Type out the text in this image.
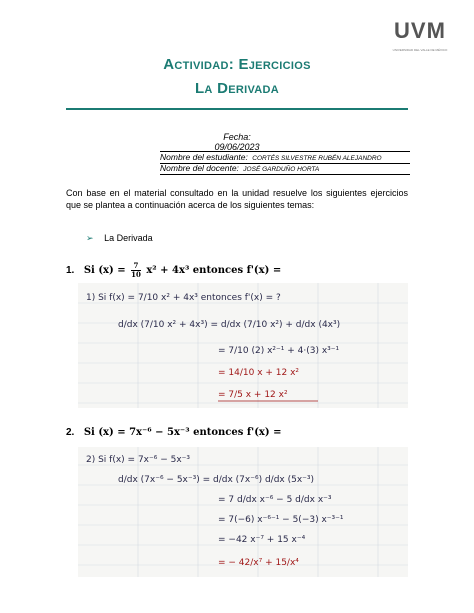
UVM
UNIVERSIDAD DEL VALLE DE MÉXICO
Actividad: Ejercicios
La Derivada
Fecha:
09/06/2023
Nombre del estudiante: CORTÉS SILVESTRE RUBÉN ALEJANDRO
Nombre del docente: JOSÉ GARDUÑO HORTA
Con base en el material consultado en la unidad resuelve los siguientes ejercicios que se plantea a continuación acerca de los siguientes temas:
➢ La Derivada
1. Si $(x) = \frac{7}{10} x^2 + 4x^3$ entonces f'(x) =
1) Si f(x) = 7/10 x² + 4x³ entonces f'(x) = ?
d/dx (7/10 x² + 4x³) = d/dx (7/10 x²) + d/dx (4x³)
= 7/10 (2) x²⁻¹ + 4·(3) x³⁻¹
= 14/10 x + 12 x²
= 7/5 x + 12 x²
2. Si (x) = 7x⁻⁶ − 5x⁻³ entonces f'(x) =
2) Si f(x) = 7x⁻⁶ − 5x⁻³
d/dx (7x⁻⁶ − 5x⁻³) = d/dx (7x⁻⁶) d/dx (5x⁻³)
= 7 d/dx x⁻⁶ − 5 d/dx x⁻³
= 7(−6) x⁻⁶⁻¹ − 5(−3) x⁻³⁻¹
= −42 x⁻⁷ + 15 x⁻⁴
= − 42/x⁷ + 15/x⁴
